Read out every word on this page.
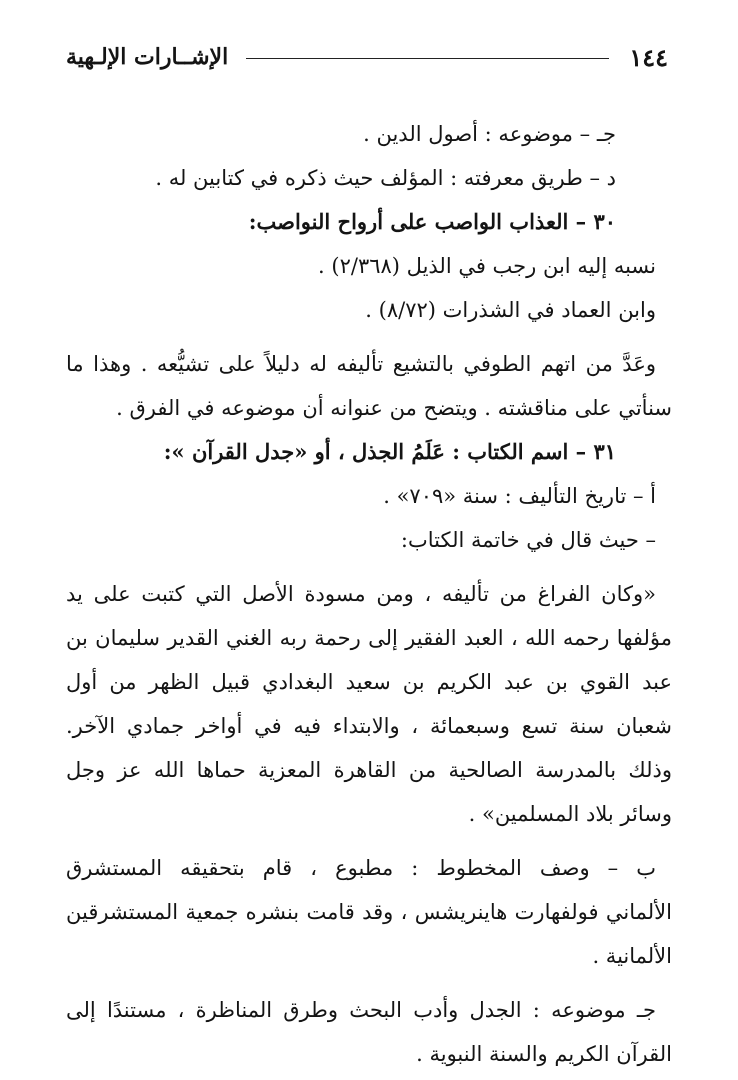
١٤٤
الإشــارات الإلـهية
جـ – موضوعه : أصول الدين .
د – طريق معرفته : المؤلف حيث ذكره في كتابين له .
٣٠ – العذاب الواصب على أرواح النواصب:
نسبه إليه ابن رجب في الذيل (٢/٣٦٨) .
وابن العماد في الشذرات (٨/٧٢) .
وعَدَّ من اتهم الطوفي بالتشيع تأليفه له دليلاً على تشيُّعه . وهذا ما
سنأتي على مناقشته . ويتضح من عنوانه أن موضوعه في الفرق .
٣١ – اسم الكتاب : عَلَمُ الجذل ، أو «جدل القرآن »:
أ – تاريخ التأليف : سنة «٧٠٩» .
– حيث قال في خاتمة الكتاب:
«وكان الفراغ من تأليفه ، ومن مسودة الأصل التي كتبت على يد
مؤلفها رحمه الله ، العبد الفقير إلى رحمة ربه الغني القدير سليمان بن
عبد القوي بن عبد الكريم بن سعيد البغدادي قبيل الظهر من أول
شعبان سنة تسع وسبعمائة ، والابتداء فيه في أواخر جمادي الآخر.
وذلك بالمدرسة الصالحية من القاهرة المعزية حماها الله عز وجل
وسائر بلاد المسلمين» .
ب – وصف المخطوط : مطبوع ، قام بتحقيقه المستشرق
الألماني فولفهارت هاينريشس ، وقد قامت بنشره جمعية المستشرقين
الألمانية .
جـ موضوعه : الجدل وأدب البحث وطرق المناظرة ، مستندًا إلى
القرآن الكريم والسنة النبوية .
